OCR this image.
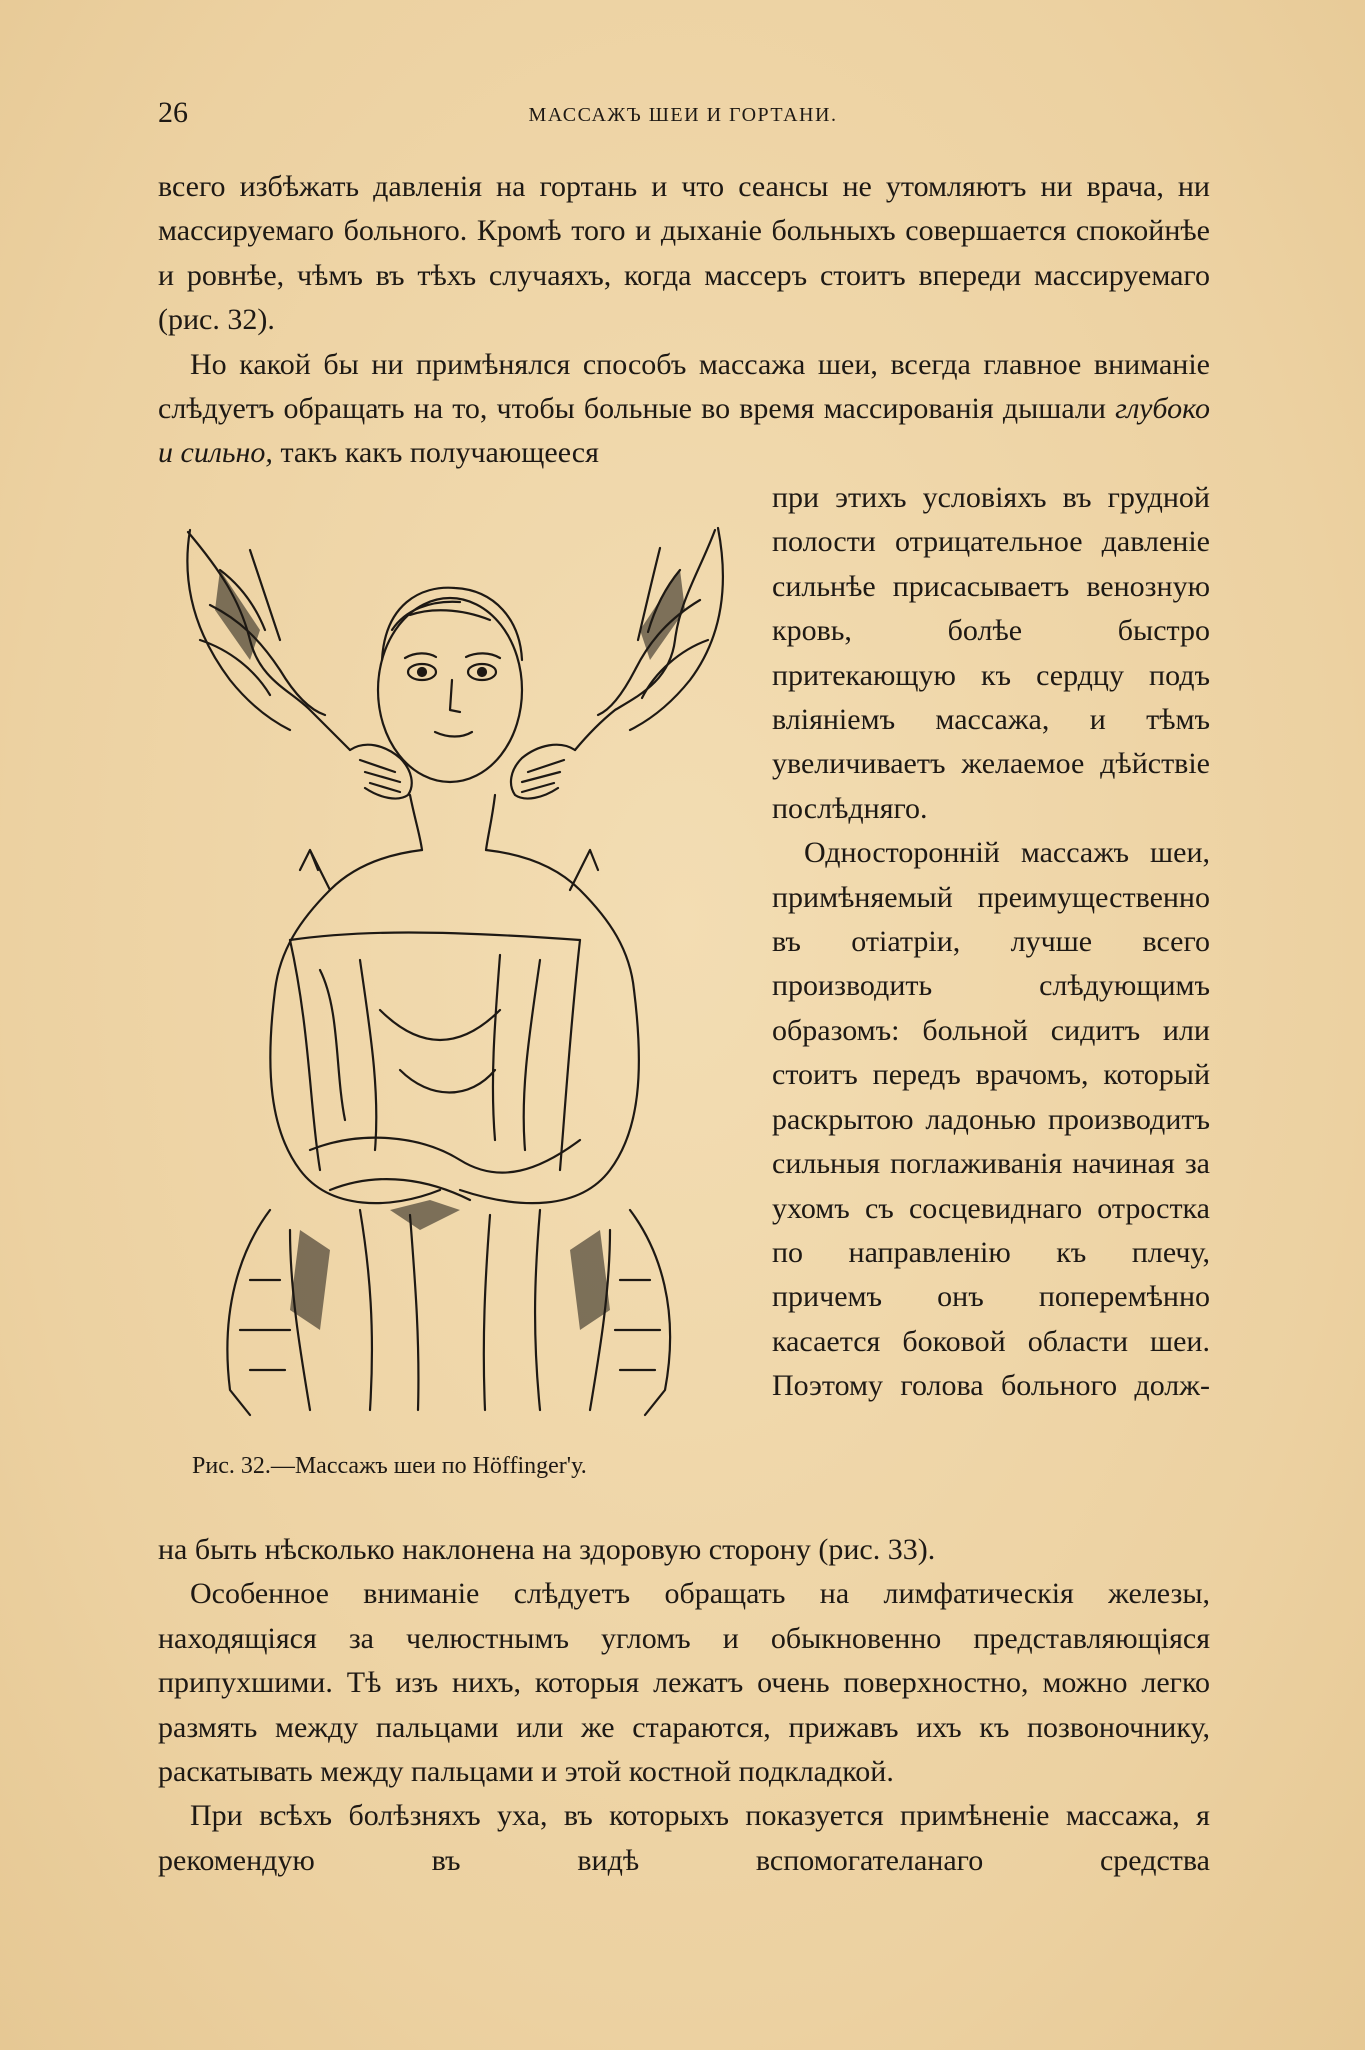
26	МАССАЖЪ ШЕИ И ГОРТАНИ.

всего избѣжать давленія на гортань и что сеансы не утомляютъ ни врача, ни массируемаго больного. Кромѣ того и дыханіе больныхъ совершается спокойнѣе и ровнѣе, чѣмъ въ тѣхъ случаяхъ, когда массеръ стоитъ впереди массируемаго (рис. 32).

Но какой бы ни примѣнялся способъ массажа шеи, всегда главное вниманіе слѣдуетъ обращать на то, чтобы больные во время массированія дышали глубоко и сильно, такъ какъ получающееся

при этихъ условіяхъ въ грудной полости отрицательное давленіе сильнѣе присасываетъ венозную кровь, болѣе быстро притекающую къ сердцу подъ вліяніемъ массажа, и тѣмъ увеличиваетъ желаемое дѣйствіе послѣдняго.

Односторонній массажъ шеи, примѣняемый преимущественно въ отіатріи, лучше всего производить слѣдующимъ образомъ: больной сидитъ или стоитъ передъ врачомъ, который раскрытою ладонью производитъ сильныя поглаживанія начиная за ухомъ съ сосцевиднаго отростка по направленію къ плечу, причемъ онъ поперемѣнно касается боковой области шеи. Поэтому голова больного долж-

Рис. 32.—Массажъ шеи по Höffinger'у.

на быть нѣсколько наклонена на здоровую сторону (рис. 33).

Особенное вниманіе слѣдуетъ обращать на лимфатическія железы, находящіяся за челюстнымъ угломъ и обыкновенно представляющіяся припухшими. Тѣ изъ нихъ, которыя лежатъ очень поверхностно, можно легко размять между пальцами или же стараются, прижавъ ихъ къ позвоночнику, раскатывать между пальцами и этой костной подкладкой.

При всѣхъ болѣзняхъ уха, въ которыхъ показуется примѣненіе массажа, я рекомендую въ видѣ вспомогателанаго средства
